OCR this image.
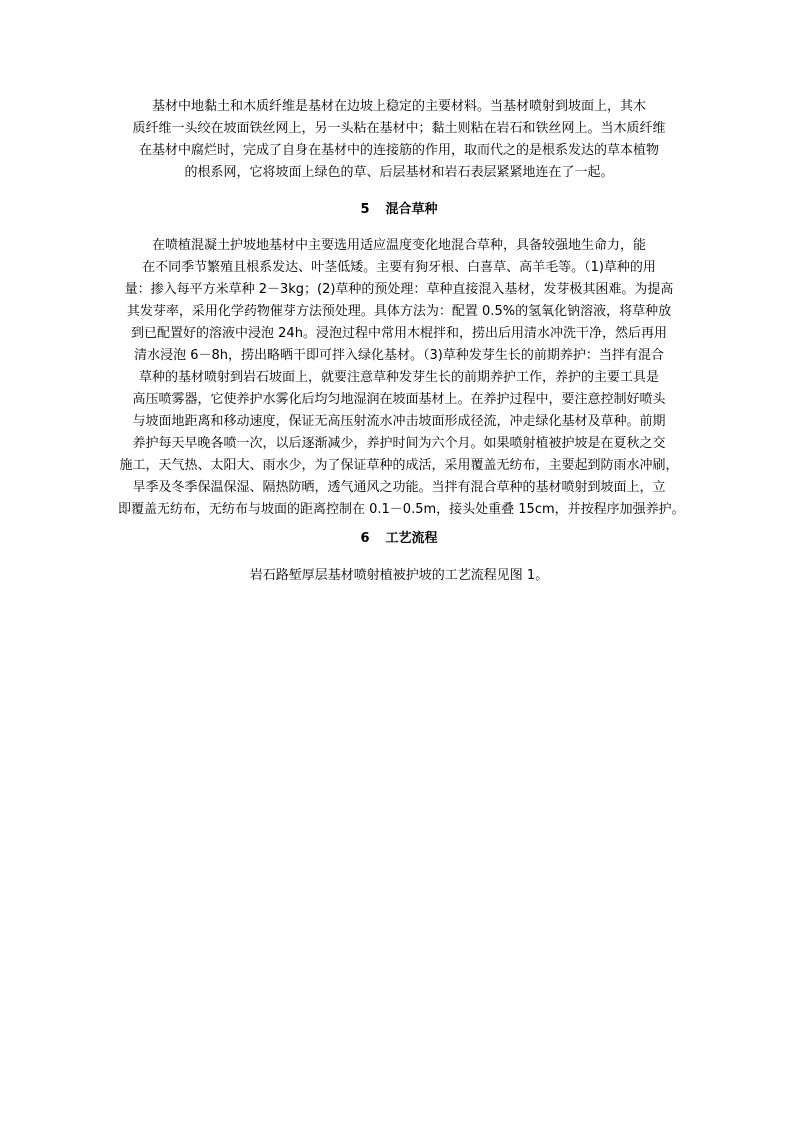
基材中地黏土和木质纤维是基材在边坡上稳定的主要材料。当基材喷射到坡面上，其木
质纤维一头绞在坡面铁丝网上，另一头粘在基材中；黏土则粘在岩石和铁丝网上。当木质纤维
在基材中腐烂时，完成了自身在基材中的连接筋的作用，取而代之的是根系发达的草本植物
的根系网，它将坡面上绿色的草、后层基材和岩石表层紧紧地连在了一起。

5 混合草种

在喷植混凝土护坡地基材中主要选用适应温度变化地混合草种，具备较强地生命力，能
在不同季节繁殖且根系发达、叶茎低矮。主要有狗牙根、白喜草、高羊毛等。（1)草种的用
量：掺入每平方米草种 2－3kg；(2)草种的预处理：草种直接混入基材，发芽极其困难。为提高
其发芽率，采用化学药物催芽方法预处理。具体方法为：配置 0.5%的氢氧化钠溶液，将草种放
到已配置好的溶液中浸泡 24h。浸泡过程中常用木棍拌和，捞出后用清水冲洗干净，然后再用
清水浸泡 6－8h，捞出略晒干即可拌入绿化基材。（3)草种发芽生长的前期养护：当拌有混合
草种的基材喷射到岩石坡面上，就要注意草种发芽生长的前期养护工作，养护的主要工具是
高压喷雾器，它使养护水雾化后均匀地湿润在坡面基材上。在养护过程中，要注意控制好喷头
与坡面地距离和移动速度，保证无高压射流水冲击坡面形成径流，冲走绿化基材及草种。前期
养护每天早晚各喷一次，以后逐渐减少，养护时间为六个月。如果喷射植被护坡是在夏秋之交
施工，天气热、太阳大、雨水少，为了保证草种的成活，采用覆盖无纺布，主要起到防雨水冲刷，
旱季及冬季保温保湿、隔热防晒，透气通风之功能。当拌有混合草种的基材喷射到坡面上，立
即覆盖无纺布，无纺布与坡面的距离控制在 0.1－0.5m，接头处重叠 15cm，并按程序加强养护。

6 工艺流程

岩石路堑厚层基材喷射植被护坡的工艺流程见图 1。
